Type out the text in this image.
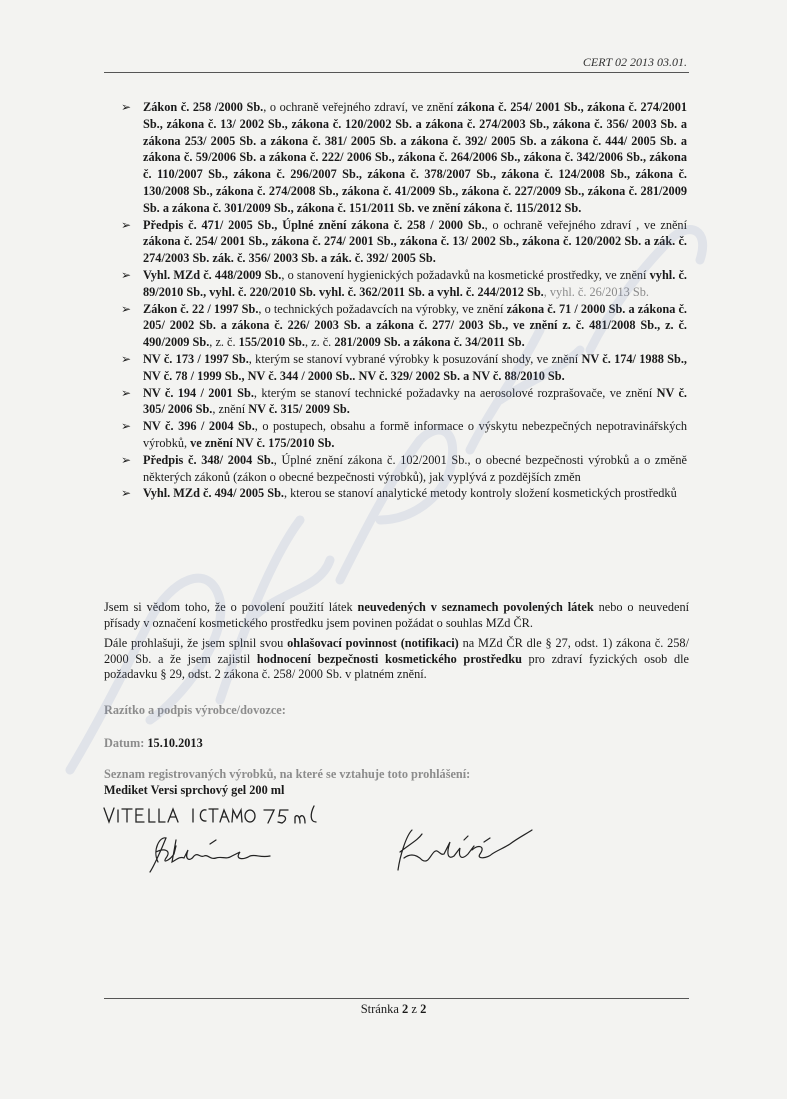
CERT 02 2013 03.01.
➢ Zákon č. 258 /2000 Sb., o ochraně veřejného zdraví, ve znění zákona č. 254/ 2001 Sb., zákona č. 274/2001 Sb., zákona č. 13/ 2002 Sb., zákona č. 120/2002 Sb. a zákona č. 274/2003 Sb., zákona č. 356/ 2003 Sb. a zákona 253/ 2005 Sb. a zákona č. 381/ 2005 Sb. a zákona č. 392/ 2005 Sb. a zákona č. 444/ 2005 Sb. a zákona č. 59/2006 Sb. a zákona č. 222/ 2006 Sb., zákona č. 264/2006 Sb., zákona č. 342/2006 Sb., zákona č. 110/2007 Sb., zákona č. 296/2007 Sb., zákona č. 378/2007 Sb., zákona č. 124/2008 Sb., zákona č. 130/2008 Sb., zákona č. 274/2008 Sb., zákona č. 41/2009 Sb., zákona č. 227/2009 Sb., zákona č. 281/2009 Sb. a zákona č. 301/2009 Sb., zákona č. 151/2011 Sb. ve znění zákona č. 115/2012 Sb.
➢ Předpis č. 471/ 2005 Sb., Úplné znění zákona č. 258 / 2000 Sb., o ochraně veřejného zdraví , ve znění zákona č. 254/ 2001 Sb., zákona č. 274/ 2001 Sb., zákona č. 13/ 2002 Sb., zákona č. 120/2002 Sb. a zák. č. 274/2003 Sb. zák. č. 356/ 2003 Sb. a zák. č. 392/ 2005 Sb.
➢ Vyhl. MZd č. 448/2009 Sb., o stanovení hygienických požadavků na kosmetické prostředky, ve znění vyhl. č. 89/2010 Sb., vyhl. č. 220/2010 Sb. vyhl. č. 362/2011 Sb. a vyhl. č. 244/2012 Sb., vyhl. č. 26/2013 Sb.
➢ Zákon č. 22 / 1997 Sb., o technických požadavcích na výrobky, ve znění zákona č. 71 / 2000 Sb. a zákona č. 205/ 2002 Sb. a zákona č. 226/ 2003 Sb. a zákona č. 277/ 2003 Sb., ve znění z. č. 481/2008 Sb., z. č. 490/2009 Sb., z. č. 155/2010 Sb., z. č. 281/2009 Sb. a zákona č. 34/2011 Sb.
➢ NV č. 173 / 1997 Sb., kterým se stanoví vybrané výrobky k posuzování shody, ve znění NV č. 174/ 1988 Sb., NV č. 78 / 1999 Sb., NV č. 344 / 2000 Sb.. NV č. 329/ 2002 Sb. a NV č. 88/2010 Sb.
➢ NV č. 194 / 2001 Sb., kterým se stanoví technické požadavky na aerosolové rozprašovače, ve znění NV č. 305/ 2006 Sb., znění NV č. 315/ 2009 Sb.
➢ NV č. 396 / 2004 Sb., o postupech, obsahu a formě informace o výskytu nebezpečných nepotravinářských výrobků, ve znění NV č. 175/2010 Sb.
➢ Předpis č. 348/ 2004 Sb., Úplné znění zákona č. 102/2001 Sb., o obecné bezpečnosti výrobků a o změně některých zákonů (zákon o obecné bezpečnosti výrobků), jak vyplývá z pozdějších změn
➢ Vyhl. MZd č. 494/ 2005 Sb., kterou se stanoví analytické metody kontroly složení kosmetických prostředků
Jsem si vědom toho, že o povolení použití látek neuvedených v seznamech povolených látek nebo o neuvedení přísady v označení kosmetického prostředku jsem povinen požádat o souhlas MZd ČR.
Dále prohlašuji, že jsem splnil svou ohlašovací povinnost (notifikaci) na MZd ČR dle § 27, odst. 1) zákona č. 258/ 2000 Sb. a že jsem zajistil hodnocení bezpečnosti kosmetického prostředku pro zdraví fyzických osob dle požadavku § 29, odst. 2 zákona č. 258/ 2000 Sb. v platném znění.
Razítko a podpis výrobce/dovozce:
Datum: 15.10.2013
Seznam registrovaných výrobků, na které se vztahuje toto prohlášení:
Mediket Versi sprchový gel 200 ml
Stránka 2 z 2
